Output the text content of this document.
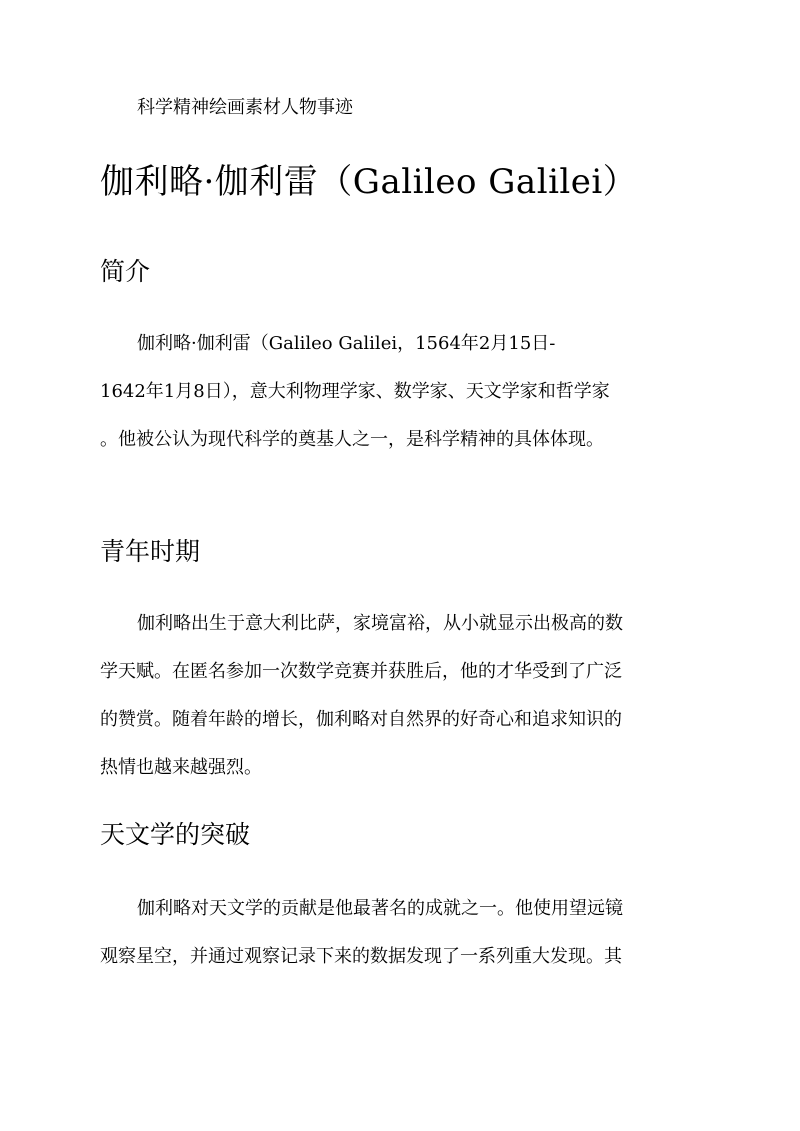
科学精神绘画素材人物事迹
伽利略·伽利雷（Galileo Galilei）
简介
伽利略·伽利雷（Galileo Galilei，1564年2月15日-
1642年1月8日），意大利物理学家、数学家、天文学家和哲学家
。他被公认为现代科学的奠基人之一，是科学精神的具体体现。
青年时期
伽利略出生于意大利比萨，家境富裕，从小就显示出极高的数
学天赋。在匿名参加一次数学竞赛并获胜后，他的才华受到了广泛
的赞赏。随着年龄的增长，伽利略对自然界的好奇心和追求知识的
热情也越来越强烈。
天文学的突破
伽利略对天文学的贡献是他最著名的成就之一。他使用望远镜
观察星空，并通过观察记录下来的数据发现了一系列重大发现。其
